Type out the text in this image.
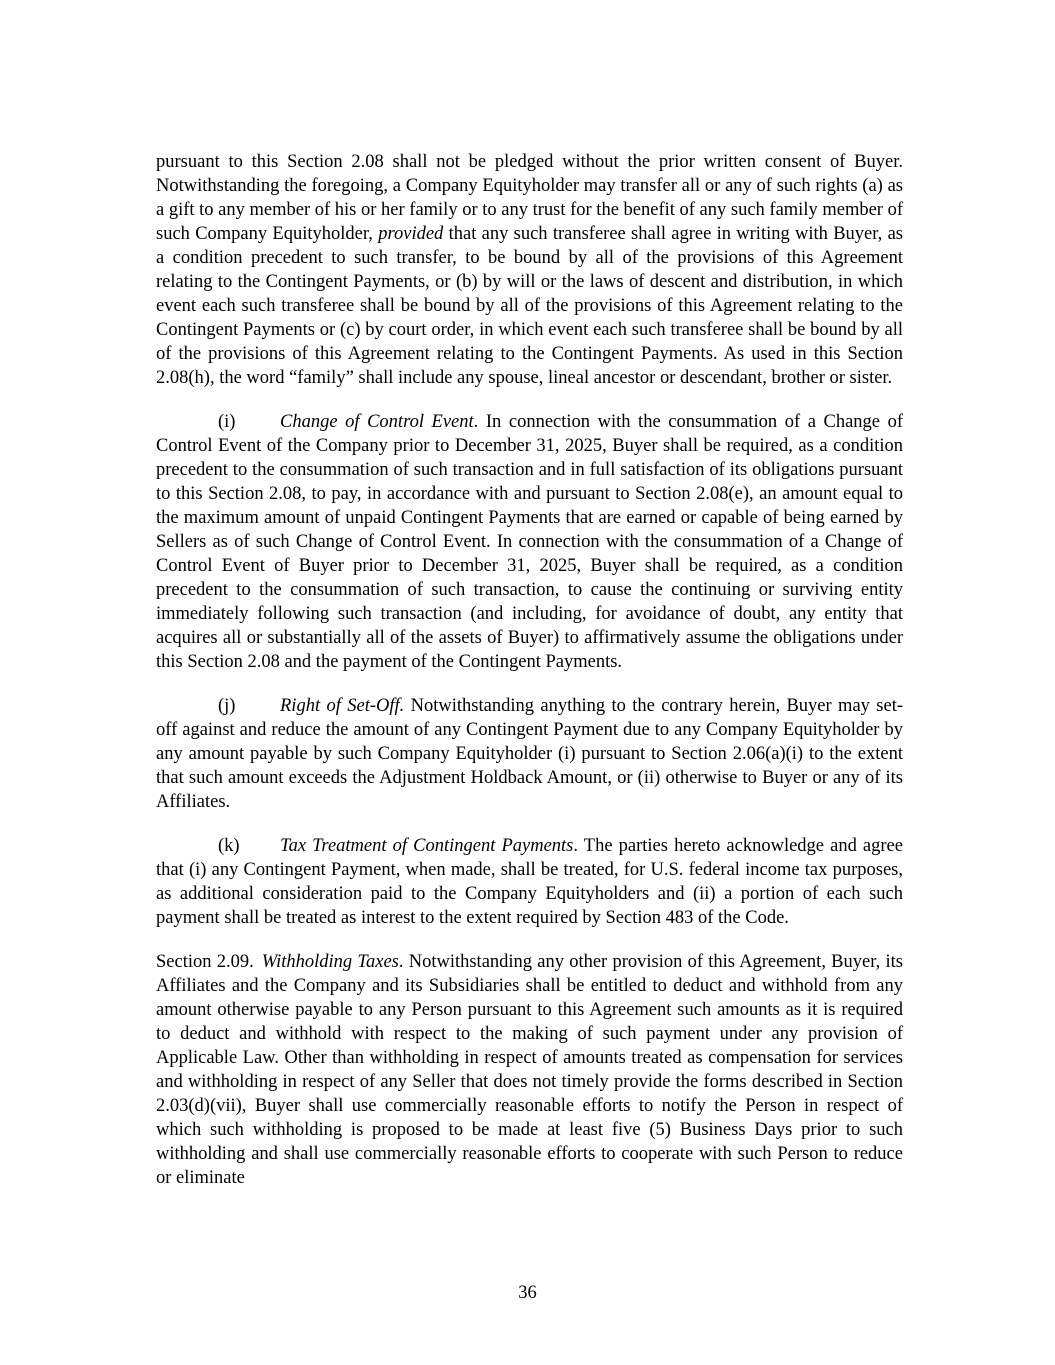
pursuant to this Section 2.08 shall not be pledged without the prior written consent of Buyer. Notwithstanding the foregoing, a Company Equityholder may transfer all or any of such rights (a) as a gift to any member of his or her family or to any trust for the benefit of any such family member of such Company Equityholder, provided that any such transferee shall agree in writing with Buyer, as a condition precedent to such transfer, to be bound by all of the provisions of this Agreement relating to the Contingent Payments, or (b) by will or the laws of descent and distribution, in which event each such transferee shall be bound by all of the provisions of this Agreement relating to the Contingent Payments or (c) by court order, in which event each such transferee shall be bound by all of the provisions of this Agreement relating to the Contingent Payments. As used in this Section 2.08(h), the word “family” shall include any spouse, lineal ancestor or descendant, brother or sister.

(i) Change of Control Event. In connection with the consummation of a Change of Control Event of the Company prior to December 31, 2025, Buyer shall be required, as a condition precedent to the consummation of such transaction and in full satisfaction of its obligations pursuant to this Section 2.08, to pay, in accordance with and pursuant to Section 2.08(e), an amount equal to the maximum amount of unpaid Contingent Payments that are earned or capable of being earned by Sellers as of such Change of Control Event. In connection with the consummation of a Change of Control Event of Buyer prior to December 31, 2025, Buyer shall be required, as a condition precedent to the consummation of such transaction, to cause the continuing or surviving entity immediately following such transaction (and including, for avoidance of doubt, any entity that acquires all or substantially all of the assets of Buyer) to affirmatively assume the obligations under this Section 2.08 and the payment of the Contingent Payments.

(j) Right of Set-Off. Notwithstanding anything to the contrary herein, Buyer may set-off against and reduce the amount of any Contingent Payment due to any Company Equityholder by any amount payable by such Company Equityholder (i) pursuant to Section 2.06(a)(i) to the extent that such amount exceeds the Adjustment Holdback Amount, or (ii) otherwise to Buyer or any of its Affiliates.

(k) Tax Treatment of Contingent Payments. The parties hereto acknowledge and agree that (i) any Contingent Payment, when made, shall be treated, for U.S. federal income tax purposes, as additional consideration paid to the Company Equityholders and (ii) a portion of each such payment shall be treated as interest to the extent required by Section 483 of the Code.

Section 2.09. Withholding Taxes. Notwithstanding any other provision of this Agreement, Buyer, its Affiliates and the Company and its Subsidiaries shall be entitled to deduct and withhold from any amount otherwise payable to any Person pursuant to this Agreement such amounts as it is required to deduct and withhold with respect to the making of such payment under any provision of Applicable Law. Other than withholding in respect of amounts treated as compensation for services and withholding in respect of any Seller that does not timely provide the forms described in Section 2.03(d)(vii), Buyer shall use commercially reasonable efforts to notify the Person in respect of which such withholding is proposed to be made at least five (5) Business Days prior to such withholding and shall use commercially reasonable efforts to cooperate with such Person to reduce or eliminate

36
